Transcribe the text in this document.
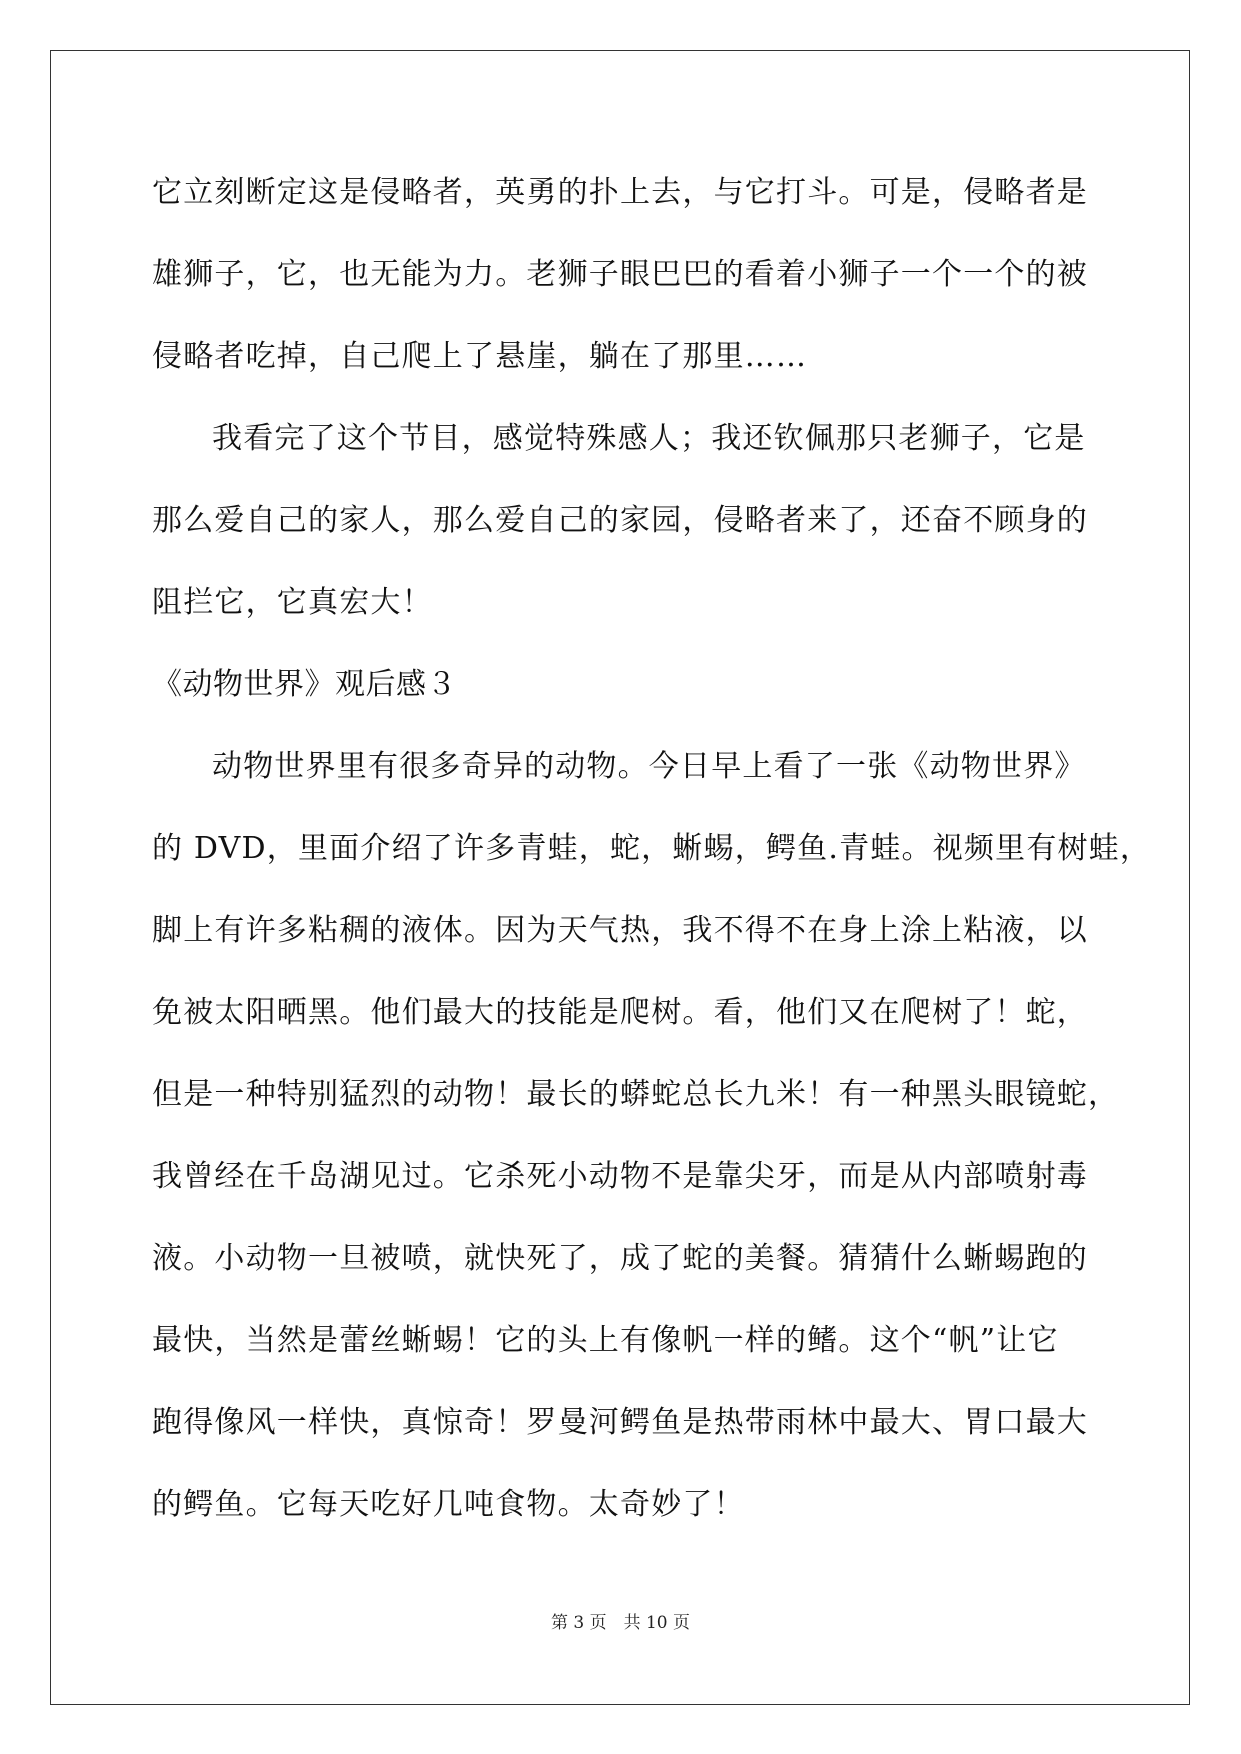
它立刻断定这是侵略者，英勇的扑上去，与它打斗。可是，侵略者是
雄狮子，它，也无能为力。老狮子眼巴巴的看着小狮子一个一个的被
侵略者吃掉，自己爬上了悬崖，躺在了那里……
我看完了这个节目，感觉特殊感人；我还钦佩那只老狮子，它是
那么爱自己的家人，那么爱自己的家园，侵略者来了，还奋不顾身的
阻拦它，它真宏大！
《动物世界》观后感３
动物世界里有很多奇异的动物。今日早上看了一张《动物世界》
的 DVD，里面介绍了许多青蛙，蛇，蜥蜴，鳄鱼.青蛙。视频里有树蛙，
脚上有许多粘稠的液体。因为天气热，我不得不在身上涂上粘液，以
免被太阳晒黑。他们最大的技能是爬树。看，他们又在爬树了！蛇，
但是一种特别猛烈的动物！最长的蟒蛇总长九米！有一种黑头眼镜蛇，
我曾经在千岛湖见过。它杀死小动物不是靠尖牙，而是从内部喷射毒
液。小动物一旦被喷，就快死了，成了蛇的美餐。猜猜什么蜥蜴跑的
最快，当然是蕾丝蜥蜴！它的头上有像帆一样的鳍。这个“帆”让它
跑得像风一样快，真惊奇！罗曼河鳄鱼是热带雨林中最大、胃口最大
的鳄鱼。它每天吃好几吨食物。太奇妙了！
第 3 页　共 10 页
